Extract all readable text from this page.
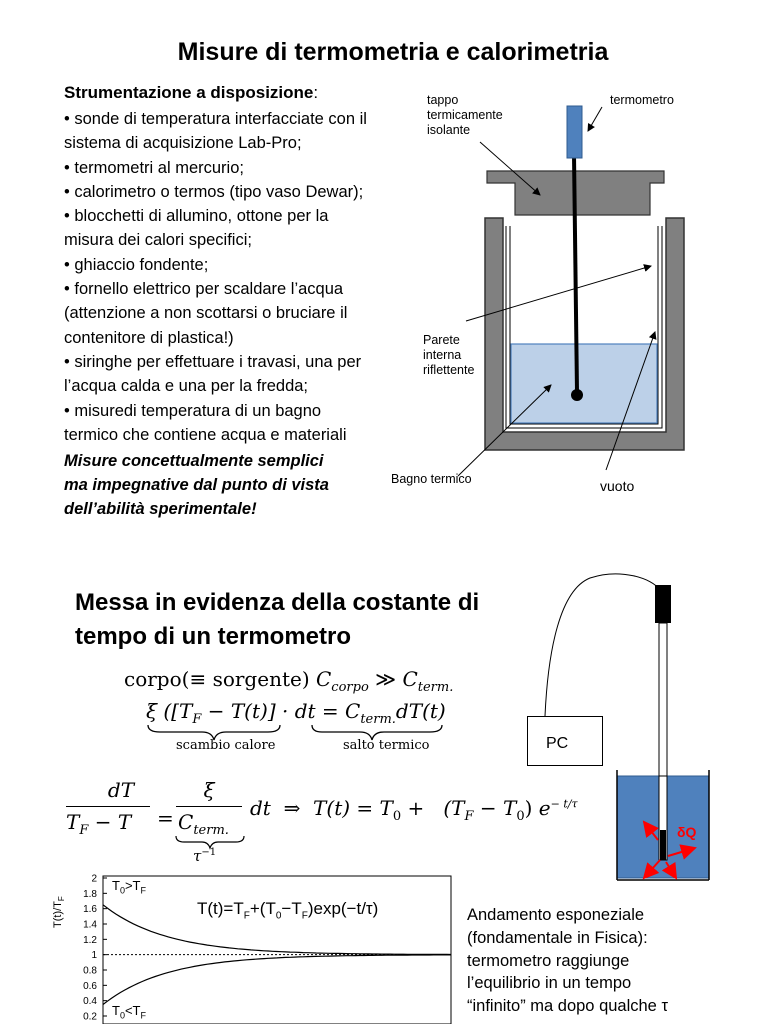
Misure di termometria e calorimetria
Strumentazione a disposizione:
• sonde di temperatura interfacciate con il
sistema di acquisizione Lab-Pro;
• termometri al mercurio;
• calorimetro o termos (tipo vaso Dewar);
• blocchetti di allumino, ottone per la
misura dei calori specifici;
• ghiaccio fondente;
• fornello elettrico per scaldare l’acqua
(attenzione a non scottarsi o bruciare il
contenitore di plastica!)
• siringhe per effettuare i travasi, una per
l’acqua calda e una per la fredda;
• misuredi temperatura di un bagno
termico che contiene acqua e materiali
Misure concettualmente semplici
ma impegnative dal punto di vista
dell’abilità sperimentale!
tappo
termicamente
isolante
termometro
Parete
interna
riflettente
Bagno termico	vuoto
Messa in evidenza della costante di
tempo di un termometro
corpo(≡ sorgente) $C_{corpo}$ ≫ $C_{term.}$
ξ ($[T_F - T(t)]$ · dt = $C_{term.}dT(t)$
scambio calore	salto termico
dT
$T_F - T$ =
ξ
$C_{term.}$
$\tau^{-1}$
dt ⇒ $T(t) = T_0 + (T_F - T_0)$ $e^{- t/\tau}$
PC
δQ
2
1.8
1.6
1.4
1.2
1
0.8
0.6
0.4
0.2
$T(t)/T_F$
$T_0>T_F$
$T_0<T_F$
$T(t)=T_F+(T_0-T_F)\exp(-t/\tau)$	Andamento esponeziale
(fondamentale in Fisica):
termometro raggiunge
l’equilibrio in un tempo
“infinito” ma dopo qualche τ
